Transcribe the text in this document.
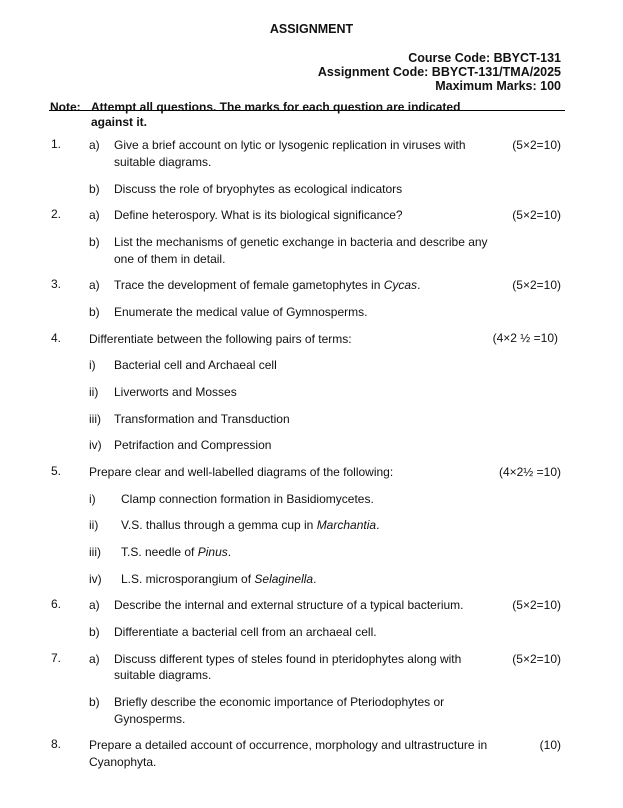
ASSIGNMENT
Course Code: BBYCT-131
Assignment Code: BBYCT-131/TMA/2025
Maximum Marks: 100
Note: Attempt all questions. The marks for each question are indicated
against it.
1. a) Give a brief account on lytic or lysogenic replication in viruses with
suitable diagrams.
(5×2=10)
b) Discuss the role of bryophytes as ecological indicators
2. a) Define heterospory. What is its biological significance?	(5×2=10)
b) List the mechanisms of genetic exchange in bacteria and describe any
one of them in detail.
3. a) Trace the development of female gametophytes in Cycas.	(5×2=10)
b) Enumerate the medical value of Gymnosperms.
4. Differentiate between the following pairs of terms:	(4×2 ½ =10)
i) Bacterial cell and Archaeal cell
ii) Liverworts and Mosses
iii) Transformation and Transduction
iv) Petrifaction and Compression
5. Prepare clear and well-labelled diagrams of the following:	(4×2½ =10)
i) Clamp connection formation in Basidiomycetes.
ii) V.S. thallus through a gemma cup in Marchantia.
iii) T.S. needle of Pinus.
iv) L.S. microsporangium of Selaginella.
6. a) Describe the internal and external structure of a typical bacterium.	(5×2=10)
b) Differentiate a bacterial cell from an archaeal cell.
7. a) Discuss different types of steles found in pteridophytes along with
suitable diagrams.
(5×2=10)
b) Briefly describe the economic importance of Pteriodophytes or
Gynosperms.
8. Prepare a detailed account of occurrence, morphology and ultrastructure in
Cyanophyta.
(10)
